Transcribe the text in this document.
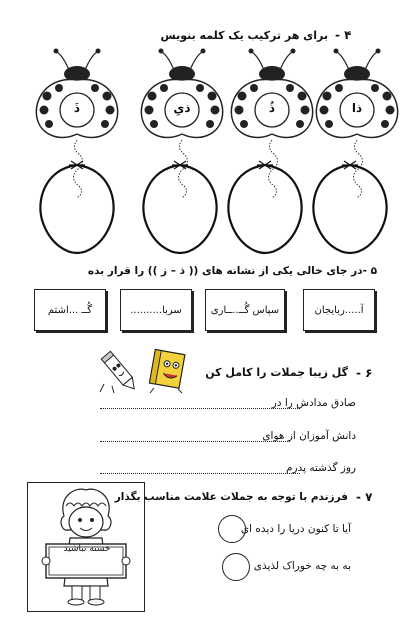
برای هر ترکیب یک کلمه بنویس ۴ -
ذَ	ذیِ	ذُ	ذا
۵ -در جای خالی یکی از نشانه های (( ذ – ز )) را قرار بده
گُــ ...اشتم	سربا..........	سپاس گُــ..ــاری	آ.....ربایجان
گل زیبا جملات را کامل کن ۶ -
صادق مدادش را در
دانش آموزان از هوای
روز گذشته پدرم
فرزندم با توجه به جملات علامت مناسب بگذار ۷ -
آیا تا کنون دریا را دیده ای
به به چه خوراک لذیذی
خسته نباشید
